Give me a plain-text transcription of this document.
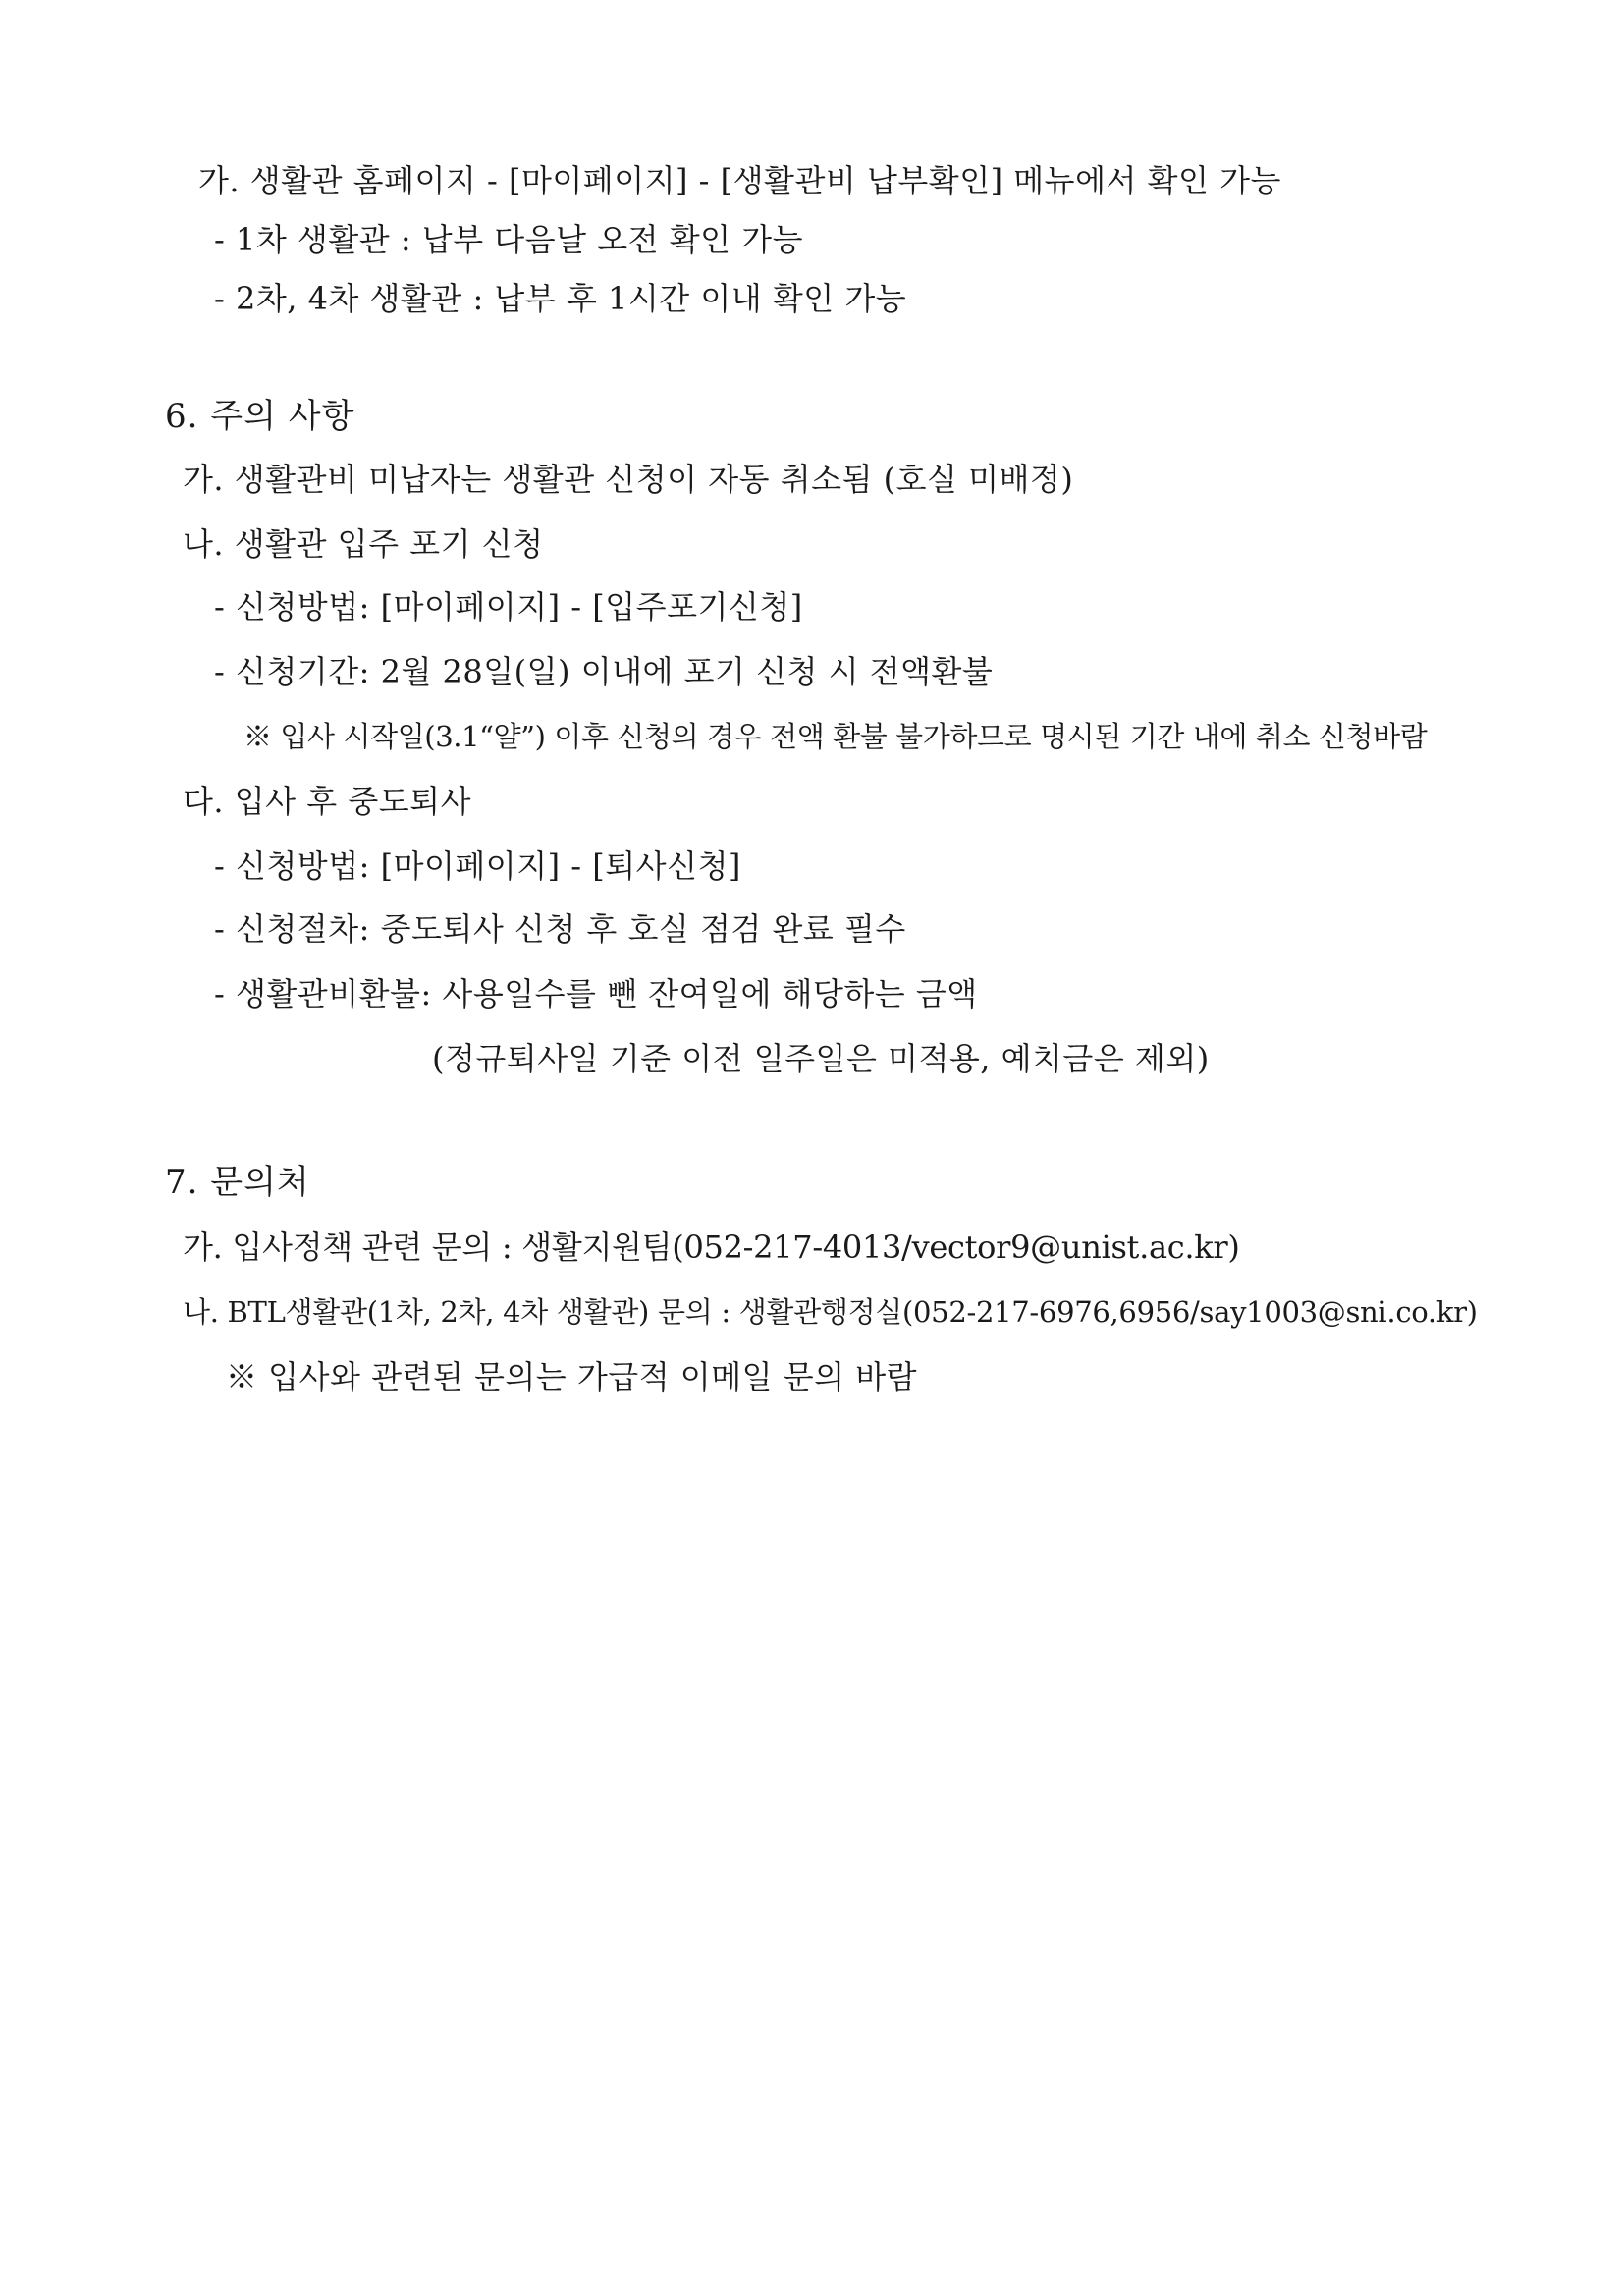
가. 생활관 홈페이지 - [마이페이지] - [생활관비 납부확인] 메뉴에서 확인 가능
- 1차 생활관 : 납부 다음날 오전 확인 가능
- 2차, 4차 생활관 : 납부 후 1시간 이내 확인 가능
6. 주의 사항
가. 생활관비 미납자는 생활관 신청이 자동 취소됨 (호실 미배정)
나. 생활관 입주 포기 신청
- 신청방법: [마이페이지] - [입주포기신청]
- 신청기간: 2월 28일(일) 이내에 포기 신청 시 전액환불
※ 입사 시작일(3.1“얄”) 이후 신청의 경우 전액 환불 불가하므로 명시된 기간 내에 취소 신청바람
다. 입사 후 중도퇴사
- 신청방법: [마이페이지] - [퇴사신청]
- 신청절차: 중도퇴사 신청 후 호실 점검 완료 필수
- 생활관비환불: 사용일수를 뺀 잔여일에 해당하는 금액
(정규퇴사일 기준 이전 일주일은 미적용, 예치금은 제외)
7. 문의처
가. 입사정책 관련 문의 : 생활지원팀(052-217-4013/vector9@unist.ac.kr)
나. BTL생활관(1차, 2차, 4차 생활관) 문의 : 생활관행정실(052-217-6976,6956/say1003@sni.co.kr)
※ 입사와 관련된 문의는 가급적 이메일 문의 바람
